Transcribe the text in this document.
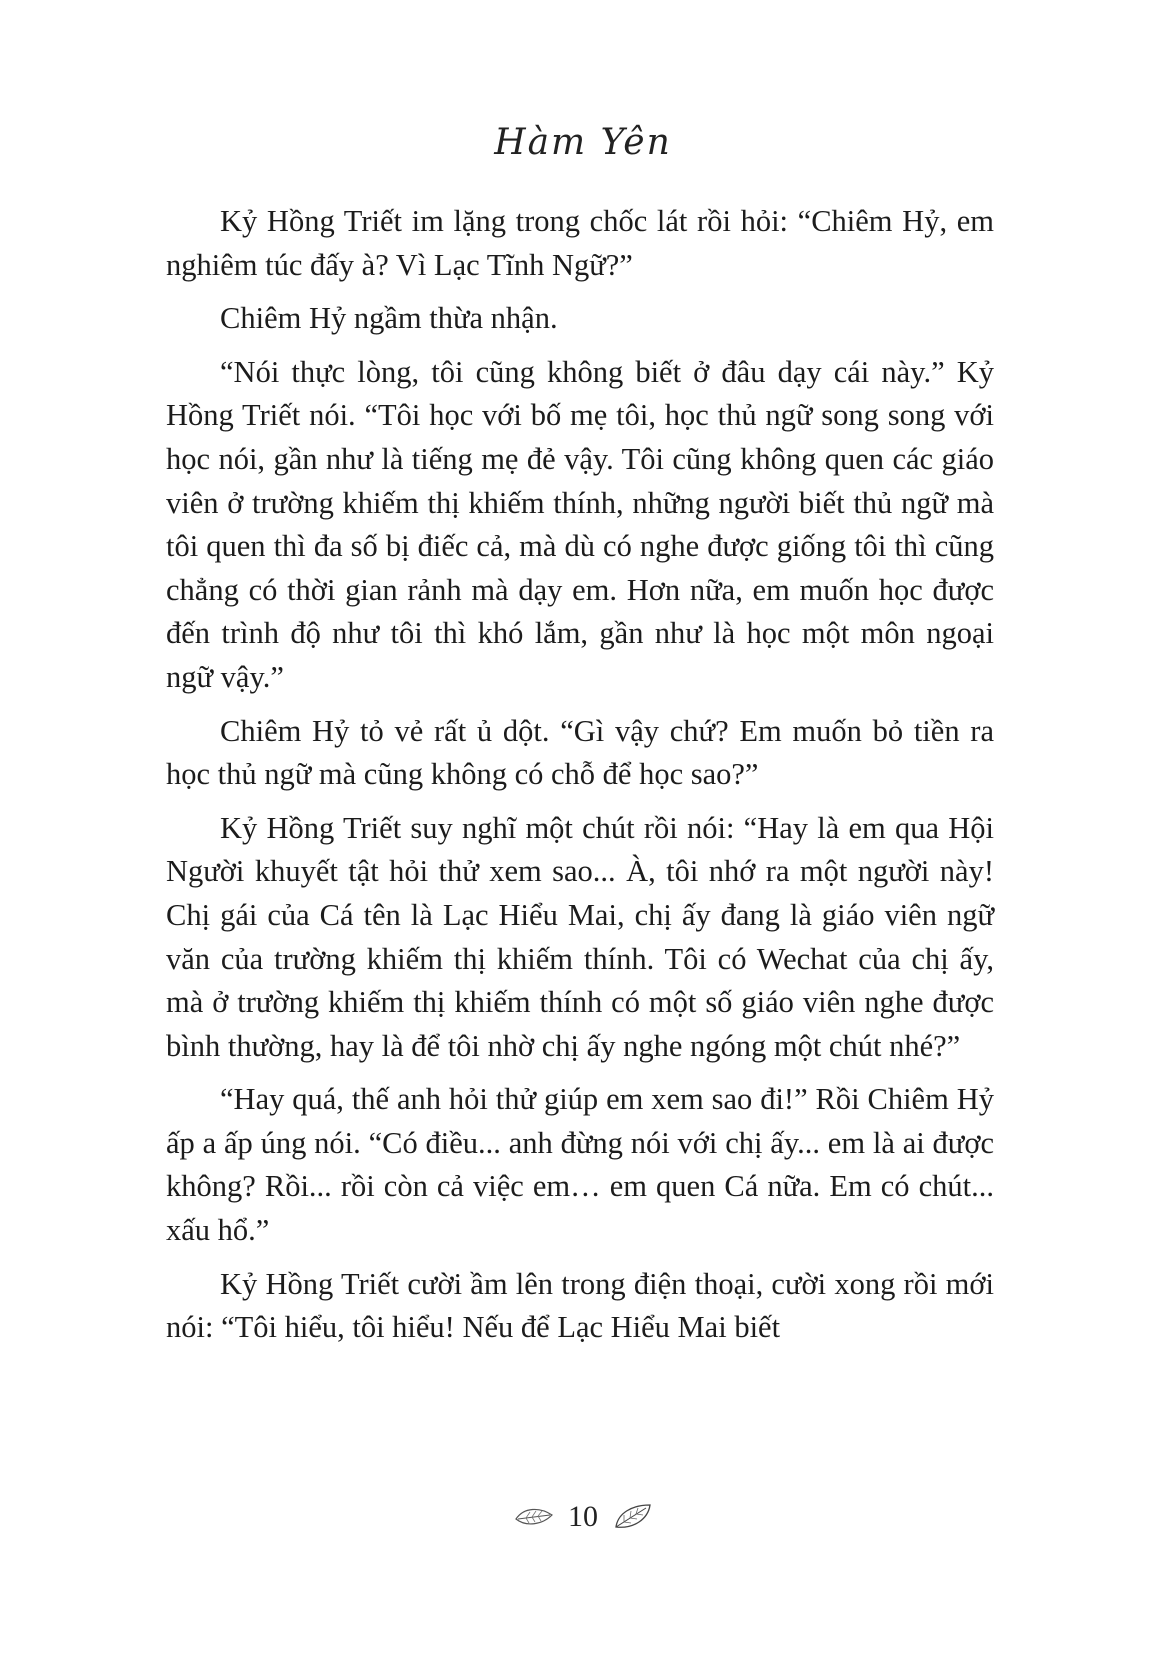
Hàm Yên

Kỷ Hồng Triết im lặng trong chốc lát rồi hỏi: “Chiêm Hỷ, em nghiêm túc đấy à? Vì Lạc Tĩnh Ngữ?”

Chiêm Hỷ ngầm thừa nhận.

“Nói thực lòng, tôi cũng không biết ở đâu dạy cái này.” Kỷ Hồng Triết nói. “Tôi học với bố mẹ tôi, học thủ ngữ song song với học nói, gần như là tiếng mẹ đẻ vậy. Tôi cũng không quen các giáo viên ở trường khiếm thị khiếm thính, những người biết thủ ngữ mà tôi quen thì đa số bị điếc cả, mà dù có nghe được giống tôi thì cũng chẳng có thời gian rảnh mà dạy em. Hơn nữa, em muốn học được đến trình độ như tôi thì khó lắm, gần như là học một môn ngoại ngữ vậy.”

Chiêm Hỷ tỏ vẻ rất ủ dột. “Gì vậy chứ? Em muốn bỏ tiền ra học thủ ngữ mà cũng không có chỗ để học sao?”

Kỷ Hồng Triết suy nghĩ một chút rồi nói: “Hay là em qua Hội Người khuyết tật hỏi thử xem sao... À, tôi nhớ ra một người này! Chị gái của Cá tên là Lạc Hiểu Mai, chị ấy đang là giáo viên ngữ văn của trường khiếm thị khiếm thính. Tôi có Wechat của chị ấy, mà ở trường khiếm thị khiếm thính có một số giáo viên nghe được bình thường, hay là để tôi nhờ chị ấy nghe ngóng một chút nhé?”

“Hay quá, thế anh hỏi thử giúp em xem sao đi!” Rồi Chiêm Hỷ ấp a ấp úng nói. “Có điều... anh đừng nói với chị ấy... em là ai được không? Rồi... rồi còn cả việc em… em quen Cá nữa. Em có chút... xấu hổ.”

Kỷ Hồng Triết cười ầm lên trong điện thoại, cười xong rồi mới nói: “Tôi hiểu, tôi hiểu! Nếu để Lạc Hiểu Mai biết

10
